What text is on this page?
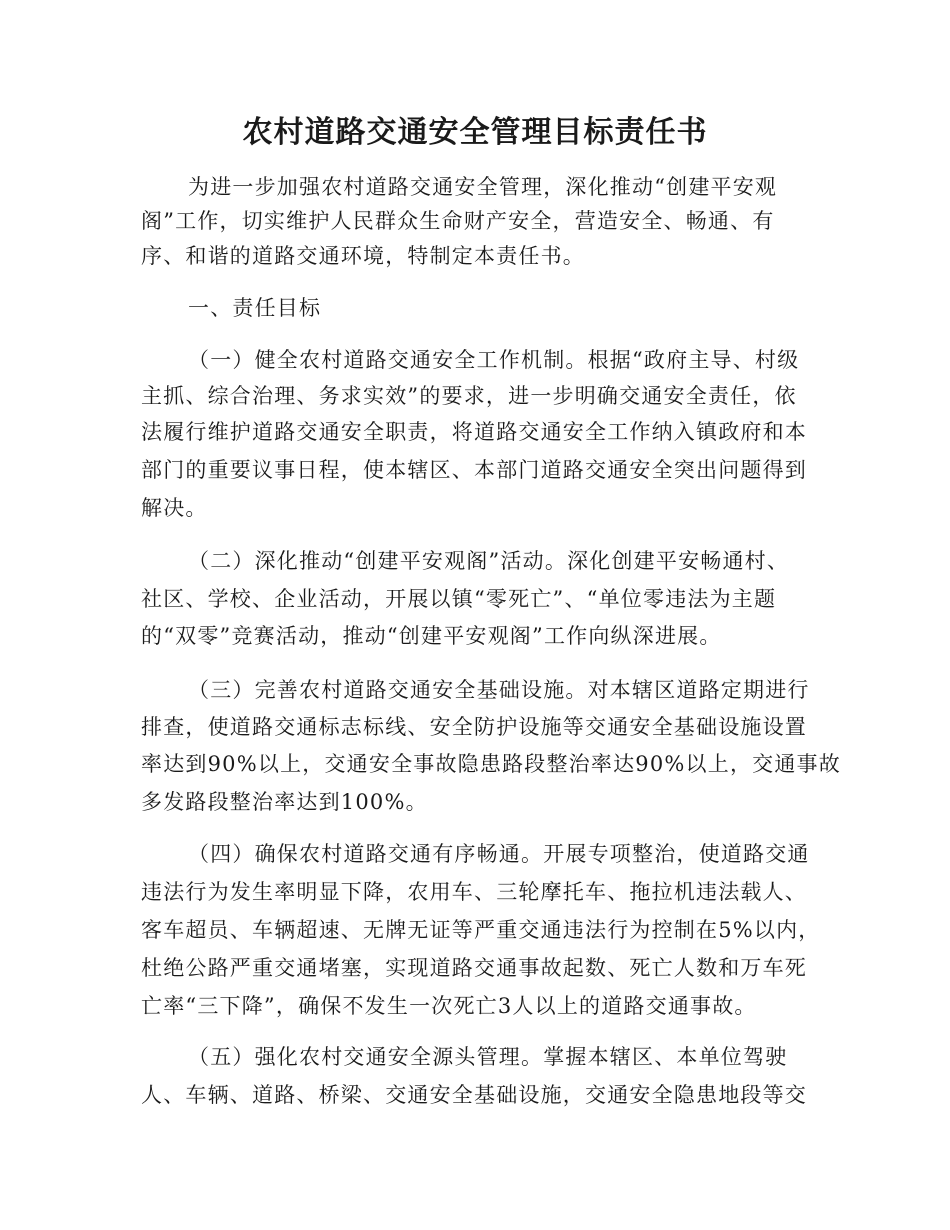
农村道路交通安全管理目标责任书

为进一步加强农村道路交通安全管理，深化推动“创建平安观

阁”工作，切实维护人民群众生命财产安全，营造安全、畅通、有

序、和谐的道路交通环境，特制定本责任书。

一、责任目标

（一）健全农村道路交通安全工作机制。根据“政府主导、村级

主抓、综合治理、务求实效”的要求，进一步明确交通安全责任，依

法履行维护道路交通安全职责，将道路交通安全工作纳入镇政府和本

部门的重要议事日程，使本辖区、本部门道路交通安全突出问题得到

解决。

（二）深化推动“创建平安观阁”活动。深化创建平安畅通村、

社区、学校、企业活动，开展以镇“零死亡”、“单位零违法为主题

的“双零”竞赛活动，推动“创建平安观阁”工作向纵深进展。

（三）完善农村道路交通安全基础设施。对本辖区道路定期进行

排查，使道路交通标志标线、安全防护设施等交通安全基础设施设置

率达到90%以上，交通安全事故隐患路段整治率达90%以上，交通事故

多发路段整治率达到100%。

（四）确保农村道路交通有序畅通。开展专项整治，使道路交通

违法行为发生率明显下降，农用车、三轮摩托车、拖拉机违法载人、

客车超员、车辆超速、无牌无证等严重交通违法行为控制在5%以内，

杜绝公路严重交通堵塞，实现道路交通事故起数、死亡人数和万车死

亡率“三下降”，确保不发生一次死亡3人以上的道路交通事故。

（五）强化农村交通安全源头管理。掌握本辖区、本单位驾驶

人、车辆、道路、桥梁、交通安全基础设施，交通安全隐患地段等交
